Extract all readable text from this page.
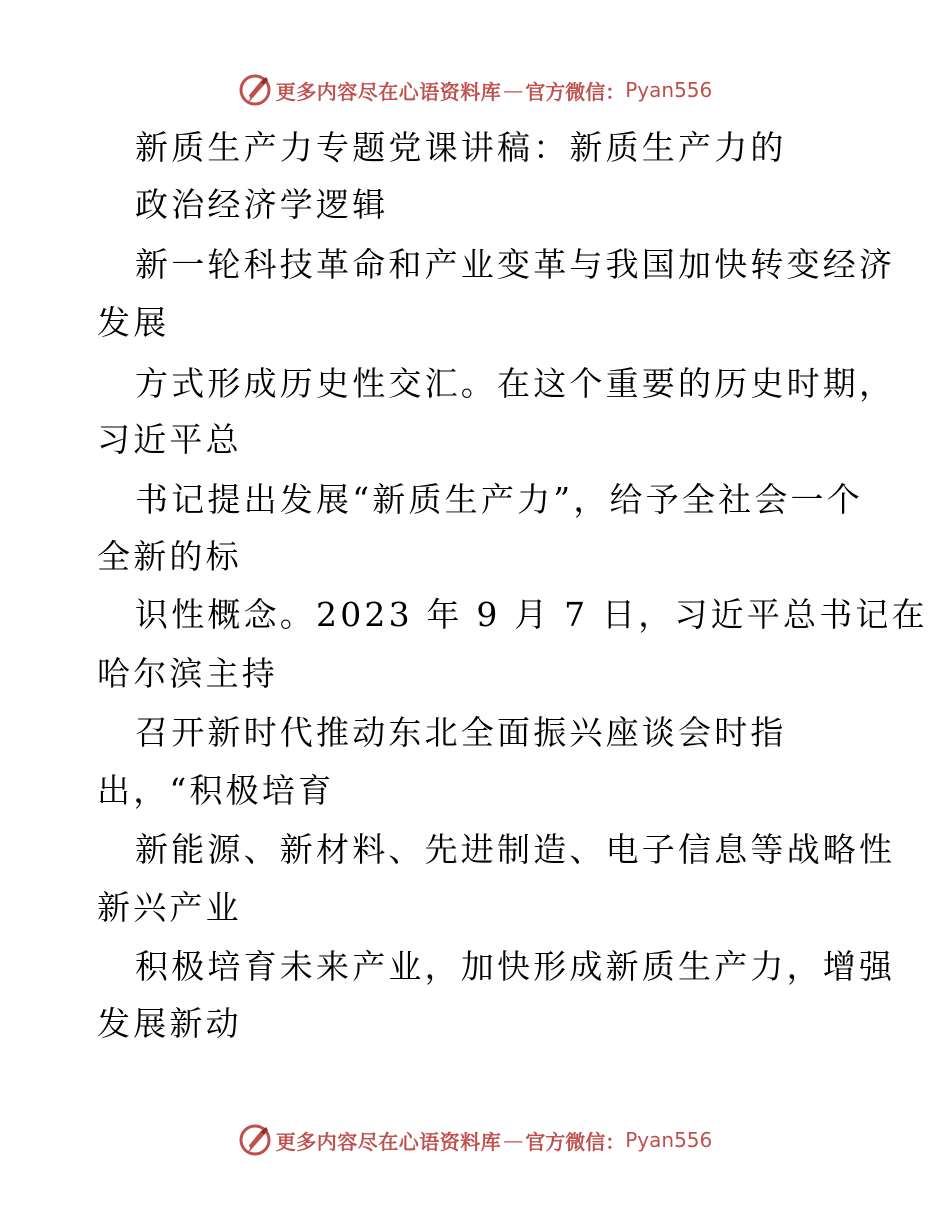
更多内容尽在心语资料库 — 官方微信： Pyan556
新质生产力专题党课讲稿：新质生产力的
政治经济学逻辑
新一轮科技革命和产业变革与我国加快转变经济
发展
方式形成历史性交汇。在这个重要的历史时期，
习近平总
书记提出发展“新质生产力”，给予全社会一个
全新的标
识性概念。2023 年 9 月 7 日，习近平总书记在
哈尔滨主持
召开新时代推动东北全面振兴座谈会时指
出，“积极培育
新能源、新材料、先进制造、电子信息等战略性
新兴产业
积极培育未来产业，加快形成新质生产力，增强
发展新动
更多内容尽在心语资料库 — 官方微信： Pyan556
